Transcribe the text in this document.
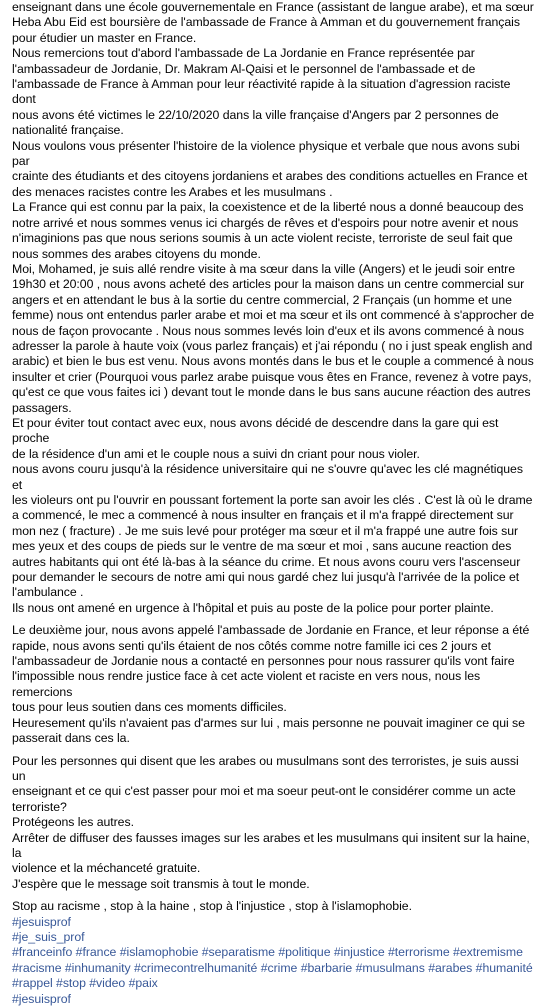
enseignant dans une école gouvernementale en France (assistant de langue arabe), et ma sœur
Heba Abu Eid est boursière de l'ambassade de France à Amman et du gouvernement français
pour étudier un master en France.
Nous remercions tout d'abord l'ambassade de La Jordanie en France représentée par
l'ambassadeur de Jordanie, Dr. Makram Al-Qaisi et le personnel de l'ambassade et de
l'ambassade de France à Amman pour leur réactivité rapide à la situation d'agression raciste dont
nous avons été victimes le 22/10/2020 dans la ville française d'Angers par 2 personnes de
nationalité française.
Nous voulons vous présenter l'histoire de la violence physique et verbale que nous avons subi par
crainte des étudiants et des citoyens jordaniens et arabes des conditions actuelles en France et
des menaces racistes contre les Arabes et les musulmans .
La France qui est connu par la paix, la coexistence et de la liberté nous a donné beaucoup des
notre arrivé et nous sommes venus ici chargés de rêves et d'espoirs pour notre avenir et nous
n'imaginions pas que nous serions soumis à un acte violent reciste, terroriste de seul fait que
nous sommes des arabes citoyens du monde.
Moi, Mohamed, je suis allé rendre visite à ma sœur dans la ville (Angers) et le jeudi soir entre
19h30 et 20:00 , nous avons acheté des articles pour la maison dans un centre commercial sur
angers et en attendant le bus à la sortie du centre commercial, 2 Français (un homme et une
femme) nous ont entendus parler arabe et moi et ma sœur et ils ont commencé à s'approcher de
nous de façon provocante . Nous nous sommes levés loin d'eux et ils avons commencé à nous
adresser la parole à haute voix (vous parlez français) et j'ai répondu ( no i just speak english and
arabic) et bien le bus est venu. Nous avons montés dans le bus et le couple a commencé à nous
insulter et crier (Pourquoi vous parlez arabe puisque vous êtes en France, revenez à votre pays,
qu'est ce que vous faites ici ) devant tout le monde dans le bus sans aucune réaction des autres
passagers.
Et pour éviter tout contact avec eux, nous avons décidé de descendre dans la gare qui est proche
de la résidence d'un ami et le couple nous a suivi dn criant pour nous violer.
nous avons couru jusqu'à la résidence universitaire qui ne s'ouvre qu'avec les clé magnétiques et
les violeurs ont pu l'ouvrir en poussant fortement la porte san avoir les clés . C'est là où le drame
a commencé, le mec a commencé à nous insulter en français et il m'a frappé directement sur
mon nez ( fracture) . Je me suis levé pour protéger ma sœur et il m'a frappé une autre fois sur
mes yeux et des coups de pieds sur le ventre de ma sœur et moi , sans aucune reaction des
autres habitants qui ont été là-bas à la séance du crime. Et nous avons couru vers l'ascenseur
pour demander le secours de notre ami qui nous gardé chez lui jusqu'à l'arrivée de la police et
l'ambulance .
Ils nous ont amené en urgence à l'hôpital et puis au poste de la police pour porter plainte.

Le deuxième jour, nous avons appelé l'ambassade de Jordanie en France, et leur réponse a été
rapide, nous avons senti qu'ils étaient de nos côtés comme notre famille ici ces 2 jours et
l'ambassadeur de Jordanie nous a contacté en personnes pour nous rassurer qu'ils vont faire
l'impossible nous rendre justice face à cet acte violent et raciste en vers nous, nous les remercions
tous pour leus soutien dans ces moments difficiles.
Heuresement qu'ils n'avaient pas d'armes sur lui , mais personne ne pouvait imaginer ce qui se
passerait dans ces la.

Pour les personnes qui disent que les arabes ou musulmans sont des terroristes, je suis aussi un
enseignant et ce qui c'est passer pour moi et ma soeur peut-ont le considérer comme un acte
terroriste?
Protégeons les autres.
Arrêter de diffuser des fausses images sur les arabes et les musulmans qui insitent sur la haine, la
violence et la méchanceté gratuite.
J'espère que le message soit transmis à tout le monde.

Stop au racisme , stop à la haine , stop à l'injustice , stop à l'islamophobie.

#jesuisprof
#je_suis_prof
#franceinfo #france #islamophobie #separatisme #politique #injustice #terrorisme #extremisme
#racisme #inhumanity #crimecontrelhumanité #crime #barbarie #musulmans #arabes #humanité
#rappel #stop #video #paix
#jesuisprof
